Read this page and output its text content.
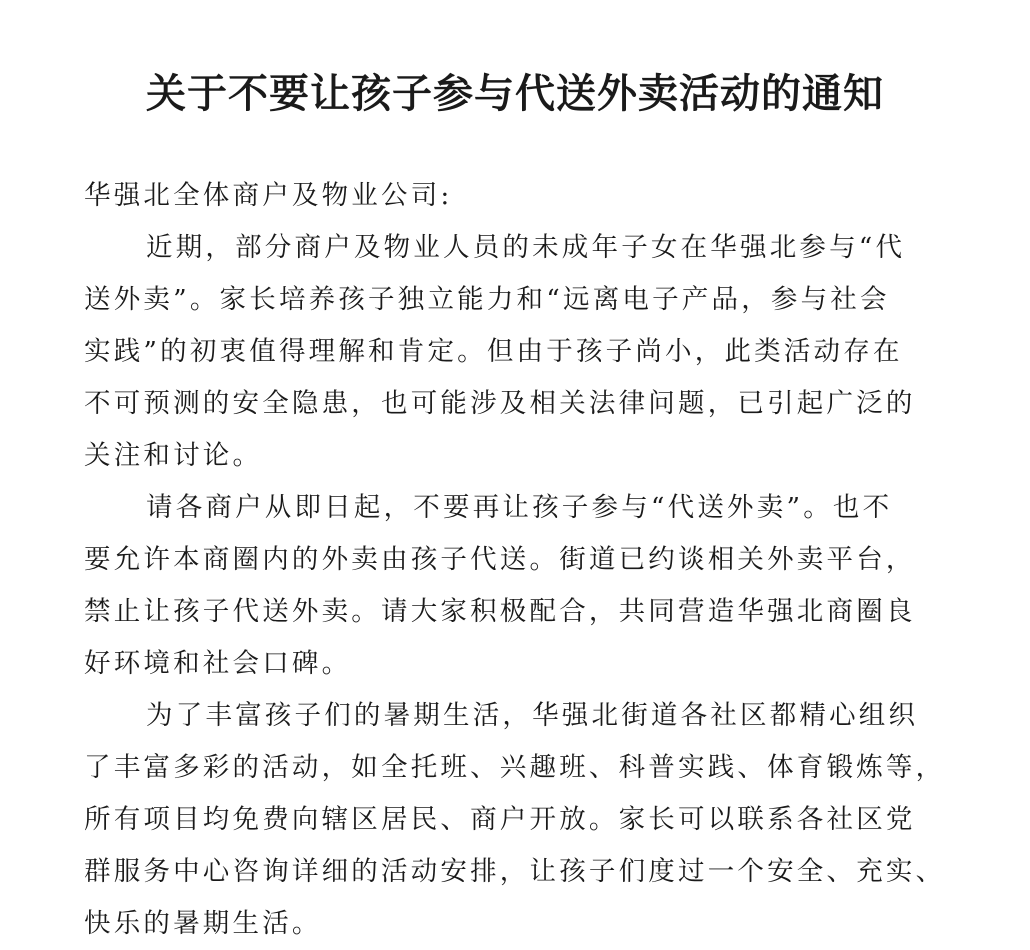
关于不要让孩子参与代送外卖活动的通知

华强北全体商户及物业公司:

近期，部分商户及物业人员的未成年子女在华强北参与“代
送外卖”。家长培养孩子独立能力和“远离电子产品，参与社会
实践”的初衷值得理解和肯定。但由于孩子尚小，此类活动存在
不可预测的安全隐患，也可能涉及相关法律问题，已引起广泛的
关注和讨论。

请各商户从即日起，不要再让孩子参与“代送外卖”。也不
要允许本商圈内的外卖由孩子代送。街道已约谈相关外卖平台，
禁止让孩子代送外卖。请大家积极配合，共同营造华强北商圈良
好环境和社会口碑。

为了丰富孩子们的暑期生活，华强北街道各社区都精心组织
了丰富多彩的活动，如全托班、兴趣班、科普实践、体育锻炼等，
所有项目均免费向辖区居民、商户开放。家长可以联系各社区党
群服务中心咨询详细的活动安排，让孩子们度过一个安全、充实、
快乐的暑期生活。
